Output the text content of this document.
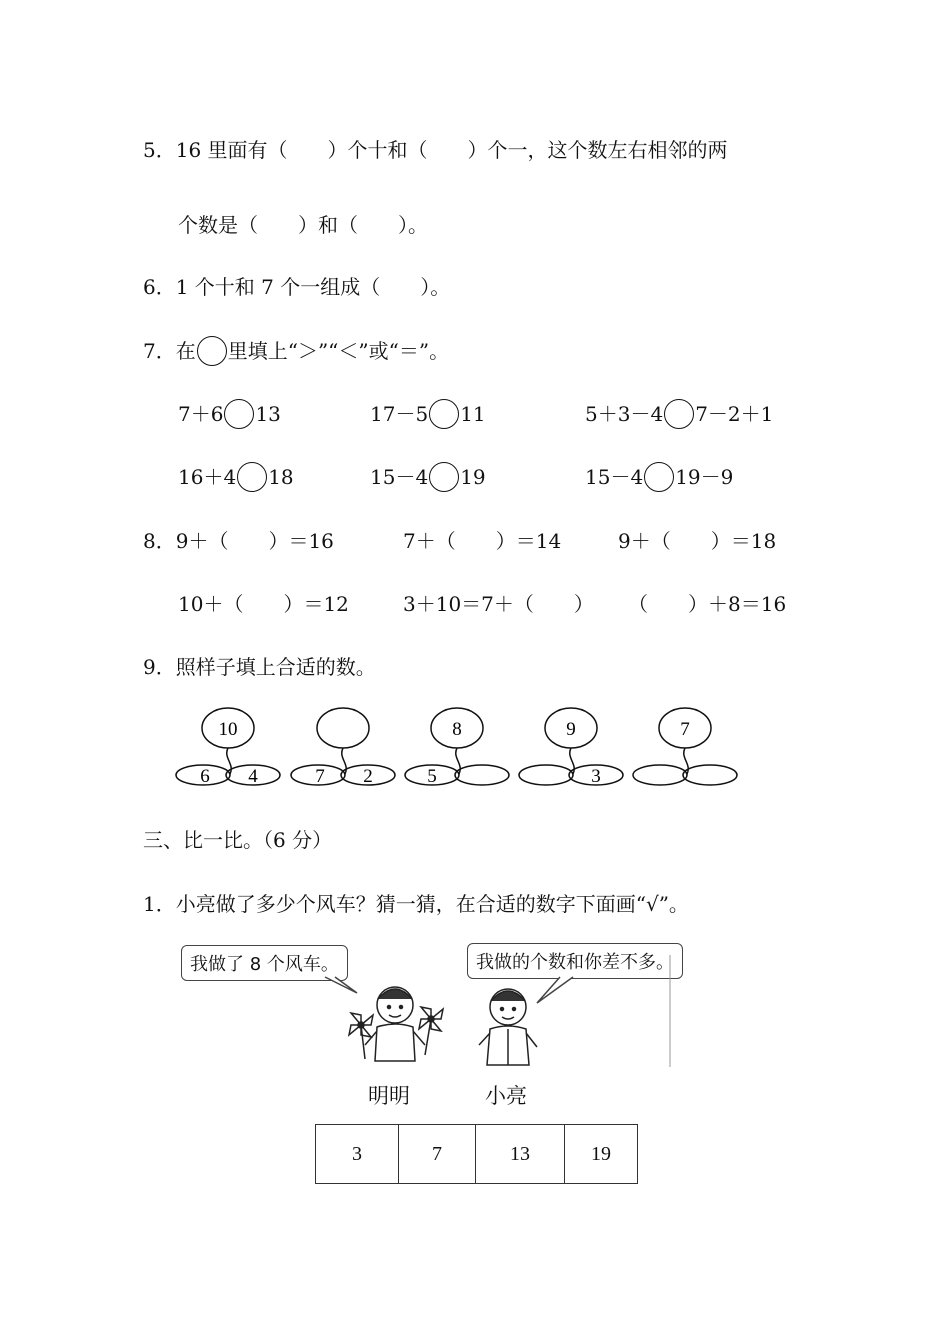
5．16 里面有（　　）个十和（　　）个一，这个数左右相邻的两
个数是（　　）和（　　）。
6．1 个十和 7 个一组成（　　）。
7．在 里填上“＞”“＜”或“＝”。
7＋6 13	17－5 11	5＋3－4 7－2＋1
16＋4 18	15－4 19	15－4 19－9
8．9＋（　　）＝16	7＋（　　）＝14	9＋（　　）＝18
10＋（　　）＝12	3＋10＝7＋（　　） （　　）＋8＝16
9．照样子填上合适的数。
10
6 4	7 2
8
5
9
3
7
三、比一比。（6 分）
1．小亮做了多少个风车？猜一猜，在合适的数字下面画“√”。
我做了 8 个风车。	我做的个数和你差不多。
明明	小亮
3	7	13	19
